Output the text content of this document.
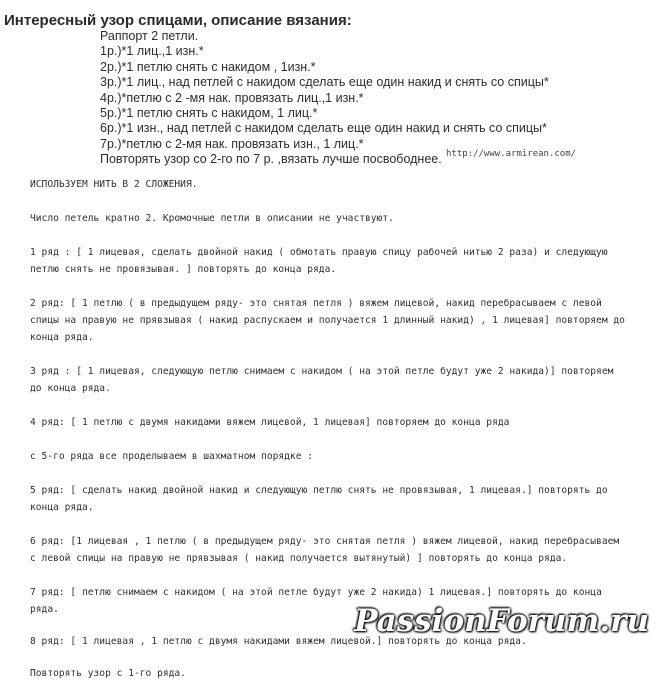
Интересный узор спицами, описание вязания:
Раппорт 2 петли.
1р.)*1 лиц.,1 изн.*
2р.)*1 петлю снять с накидом , 1изн.*
3р.)*1 лиц., над петлей с накидом сделать еще один накид и снять со спицы*
4р.)*петлю с 2 -мя нак. провязать лиц.,1 изн.*
5р.)*1 петлю снять с накидом, 1 лиц.*
6р.)*1 изн., над петлей с накидом сделать еще один накид и снять со спицы*
7р.)*петлю с 2-мя нак. провязать изн., 1 лиц.*
Повторять узор со 2-го по 7 р. ,вязать лучше посвободнее. http://www.armirean.com/

ИСПОЛЬЗУЕМ НИТЬ В 2 СЛОЖЕНИЯ.

Число петель кратно 2. Кромочные петли в описании не участвуют.

1 ряд : [ 1 лицевая, сделать двойной накид ( обмотать правую спицу рабочей нитью 2 раза) и следующую петлю снять не провязывая. ] повторять до конца ряда.

2 ряд: [ 1 петлю ( в предыдущем ряду- это снятая петля ) вяжем лицевой, накид перебрасываем с левой спицы на правую не прявзывая ( накид распускаем и получается 1 длинный накид) , 1 лицевая] повторяем до конца ряда.

3 ряд : [ 1 лицевая, следующую петлю снимаем с накидом ( на этой петле будут уже 2 накида)] повторяем до конца ряда.

4 ряд: [ 1 петлю с двумя накидами вяжем лицевой, 1 лицевая] повторяем до конца ряда

с 5-го ряда все проделываем в шахматном порядке :

5 ряд: [ сделать накид двойной накид и следующую петлю снять не провязывая, 1 лицевая.] повторять до конца ряда.

6 ряд: [1 лицевая , 1 петлю ( в предыдущем ряду- это снятая петля ) вяжем лицевой, накид перебрасываем с левой спицы на правую не прявзывая ( накид получается вытянутый) ] повторять до конца ряда.

7 ряд: [ петлю снимаем с накидом ( на этой петле будут уже 2 накида) 1 лицевая.] повторять до конца ряда.

8 ряд: [ 1 лицевая , 1 петлю с двумя накидами вяжем лицевой.] повторять до конца ряда.

Повторять узор с 1-го ряда.

PassionForum.ru
